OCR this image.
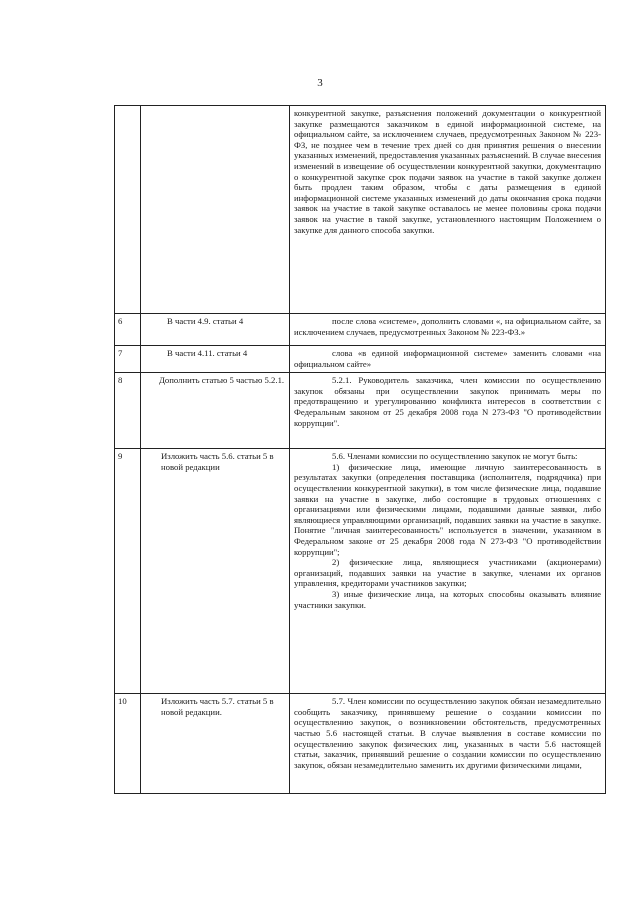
3

		конкурентной закупке, разъяснения положений документации о конкурентной закупке размещаются заказчиком в единой информационной системе, на официальном сайте, за исключением случаев, предусмотренных Законом № 223-ФЗ, не позднее чем в течение трех дней со дня принятия решения о внесении указанных изменений, предоставления указанных разъяснений. В случае внесения изменений в извещение об осуществлении конкурентной закупки, документацию о конкурентной закупке срок подачи заявок на участие в такой закупке должен быть продлен таким образом, чтобы с даты размещения в единой информационной системе указанных изменений до даты окончания срока подачи заявок на участие в такой закупке оставалось не менее половины срока подачи заявок на участие в такой закупке, установленного настоящим Положением о закупке для данного способа закупки.

6	В части 4.9. статьи 4	после слова «системе», дополнить словами «, на официальном сайте, за исключением случаев, предусмотренных Законом № 223-ФЗ.»

7	В части 4.11. статьи 4	слова «в единой информационной системе» заменить словами «на официальном сайте»

8	Дополнить статью 5 частью 5.2.1.	5.2.1. Руководитель заказчика, член комиссии по осуществлению закупок обязаны при осуществлении закупок принимать меры по предотвращению и урегулированию конфликта интересов в соответствии с Федеральным законом от 25 декабря 2008 года N 273-ФЗ "О противодействии коррупции".

9	Изложить часть 5.6. статьи 5 в новой редакции	5.6. Членами комиссии по осуществлению закупок не могут быть:

1) физические лица, имеющие личную заинтересованность в результатах закупки (определения поставщика (исполнителя, подрядчика) при осуществлении конкурентной закупки), в том числе физические лица, подавшие заявки на участие в закупке, либо состоящие в трудовых отношениях с организациями или физическими лицами, подавшими данные заявки, либо являющиеся управляющими организаций, подавших заявки на участие в закупке. Понятие "личная заинтересованность" используется в значении, указанном в Федеральном законе от 25 декабря 2008 года N 273-ФЗ "О противодействии коррупции";

2) физические лица, являющиеся участниками (акционерами) организаций, подавших заявки на участие в закупке, членами их органов управления, кредиторами участников закупки;

3) иные физические лица, на которых способны оказывать влияние участники закупки.

10	Изложить часть 5.7. статьи 5 в новой редакции.	5.7. Член комиссии по осуществлению закупок обязан незамедлительно сообщить заказчику, принявшему решение о создании комиссии по осуществлению закупок, о возникновении обстоятельств, предусмотренных частью 5.6 настоящей статьи. В случае выявления в составе комиссии по осуществлению закупок физических лиц, указанных в части 5.6 настоящей статьи, заказчик, принявший решение о создании комиссии по осуществлению закупок, обязан незамедлительно заменить их другими физическими лицами,
